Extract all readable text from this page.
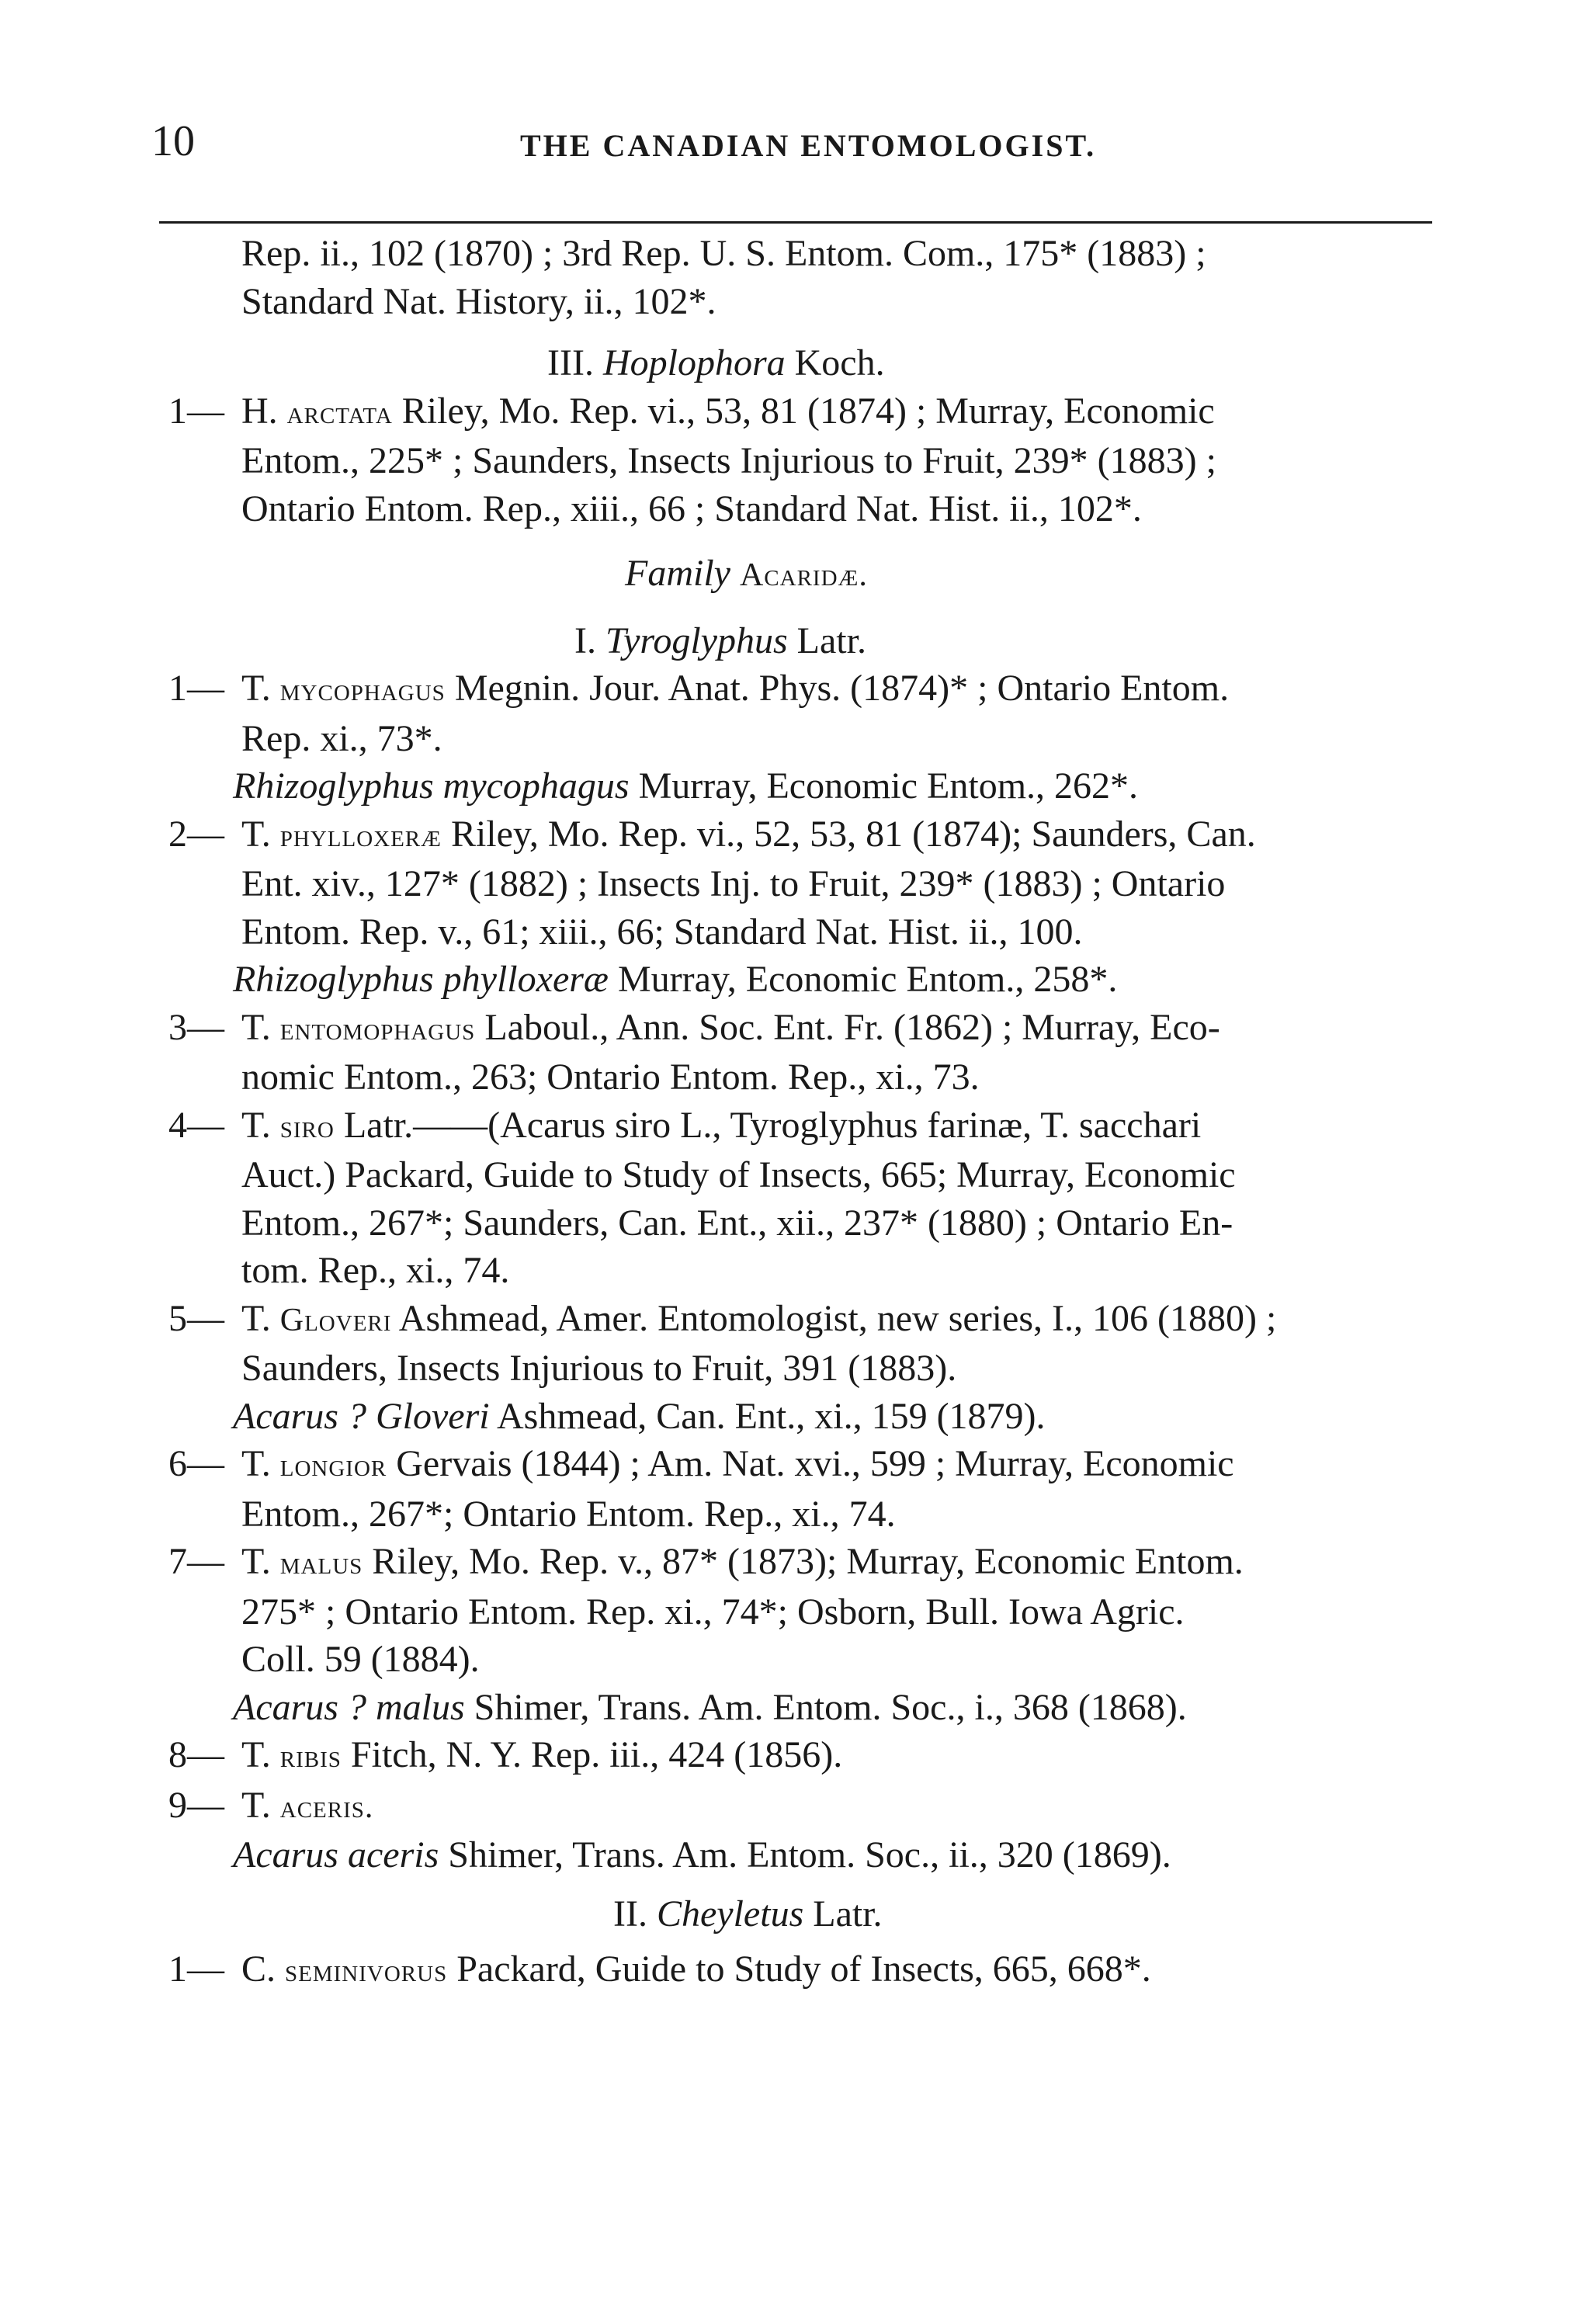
10	THE CANADIAN ENTOMOLOGIST.

Rep. ii., 102 (1870) ; 3rd Rep. U. S. Entom. Com., 175* (1883) ;

Standard Nat. History, ii., 102*.

III. Hoplophora Koch.

1— H. arctata Riley, Mo. Rep. vi., 53, 81 (1874) ; Murray, Economic

Entom., 225* ; Saunders, Insects Injurious to Fruit, 239* (1883) ;

Ontario Entom. Rep., xiii., 66 ; Standard Nat. Hist. ii., 102*.

Family Acaridæ.

I. Tyroglyphus Latr.

1— T. mycophagus Megnin. Jour. Anat. Phys. (1874)* ; Ontario Entom.

Rep. xi., 73*.

Rhizoglyphus mycophagus Murray, Economic Entom., 262*.

2— T. phylloxeræ Riley, Mo. Rep. vi., 52, 53, 81 (1874); Saunders, Can.

Ent. xiv., 127* (1882) ; Insects Inj. to Fruit, 239* (1883) ; Ontario

Entom. Rep. v., 61; xiii., 66; Standard Nat. Hist. ii., 100.

Rhizoglyphus phylloxeræ Murray, Economic Entom., 258*.

3— T. entomophagus Laboul., Ann. Soc. Ent. Fr. (1862) ; Murray, Eco-

nomic Entom., 263; Ontario Entom. Rep., xi., 73.

4— T. siro Latr.——(Acarus siro L., Tyroglyphus farinæ, T. sacchari

Auct.) Packard, Guide to Study of Insects, 665; Murray, Economic

Entom., 267*; Saunders, Can. Ent., xii., 237* (1880) ; Ontario En-

tom. Rep., xi., 74.

5— T. Gloveri Ashmead, Amer. Entomologist, new series, I., 106 (1880) ;

Saunders, Insects Injurious to Fruit, 391 (1883).

Acarus ? Gloveri Ashmead, Can. Ent., xi., 159 (1879).

6— T. longior Gervais (1844) ; Am. Nat. xvi., 599 ; Murray, Economic

Entom., 267*; Ontario Entom. Rep., xi., 74.

7— T. malus Riley, Mo. Rep. v., 87* (1873); Murray, Economic Entom.

275* ; Ontario Entom. Rep. xi., 74*; Osborn, Bull. Iowa Agric.

Coll. 59 (1884).

Acarus ? malus Shimer, Trans. Am. Entom. Soc., i., 368 (1868).

8— T. ribis Fitch, N. Y. Rep. iii., 424 (1856).

9— T. aceris.

Acarus aceris Shimer, Trans. Am. Entom. Soc., ii., 320 (1869).

II. Cheyletus Latr.

1— C. seminivorus Packard, Guide to Study of Insects, 665, 668*.
